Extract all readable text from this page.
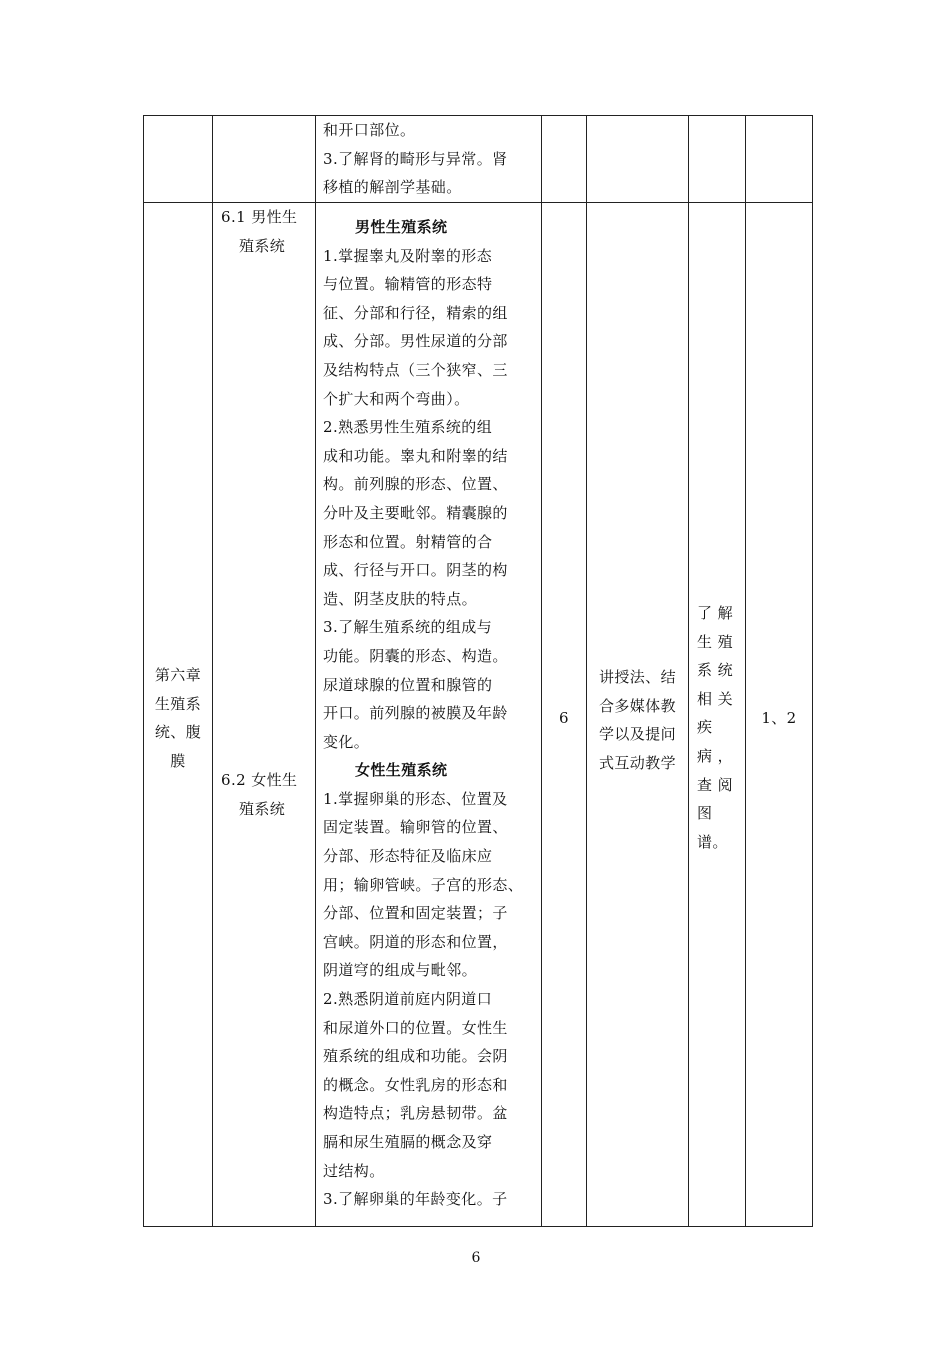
和开口部位。
3.了解肾的畸形与异常。肾
移植的解剖学基础。
第六章
生殖系
统、腹
膜
6.1 男性生
殖系统
6.2 女性生
殖系统
男性生殖系统
1.掌握睾丸及附睾的形态
与位置。输精管的形态特
征、分部和行径，精索的组
成、分部。男性尿道的分部
及结构特点（三个狭窄、三
个扩大和两个弯曲）。
2.熟悉男性生殖系统的组
成和功能。睾丸和附睾的结
构。前列腺的形态、位置、
分叶及主要毗邻。精囊腺的
形态和位置。射精管的合
成、行径与开口。阴茎的构
造、阴茎皮肤的特点。
3.了解生殖系统的组成与
功能。阴囊的形态、构造。
尿道球腺的位置和腺管的
开口。前列腺的被膜及年龄
变化。
女性生殖系统
1.掌握卵巢的形态、位置及
固定装置。输卵管的位置、
分部、形态特征及临床应
用；输卵管峡。子宫的形态、
分部、位置和固定装置；子
宫峡。阴道的形态和位置，
阴道穹的组成与毗邻。
2.熟悉阴道前庭内阴道口
和尿道外口的位置。女性生
殖系统的组成和功能。会阴
的概念。女性乳房的形态和
构造特点；乳房悬韧带。盆
膈和尿生殖膈的概念及穿
过结构。
3.了解卵巢的年龄变化。子
6
讲授法、结
合多媒体教
学以及提问
式互动教学
了 解
生 殖
系 统
相 关
疾
病 ，
查 阅
图
谱。
1、2
6
